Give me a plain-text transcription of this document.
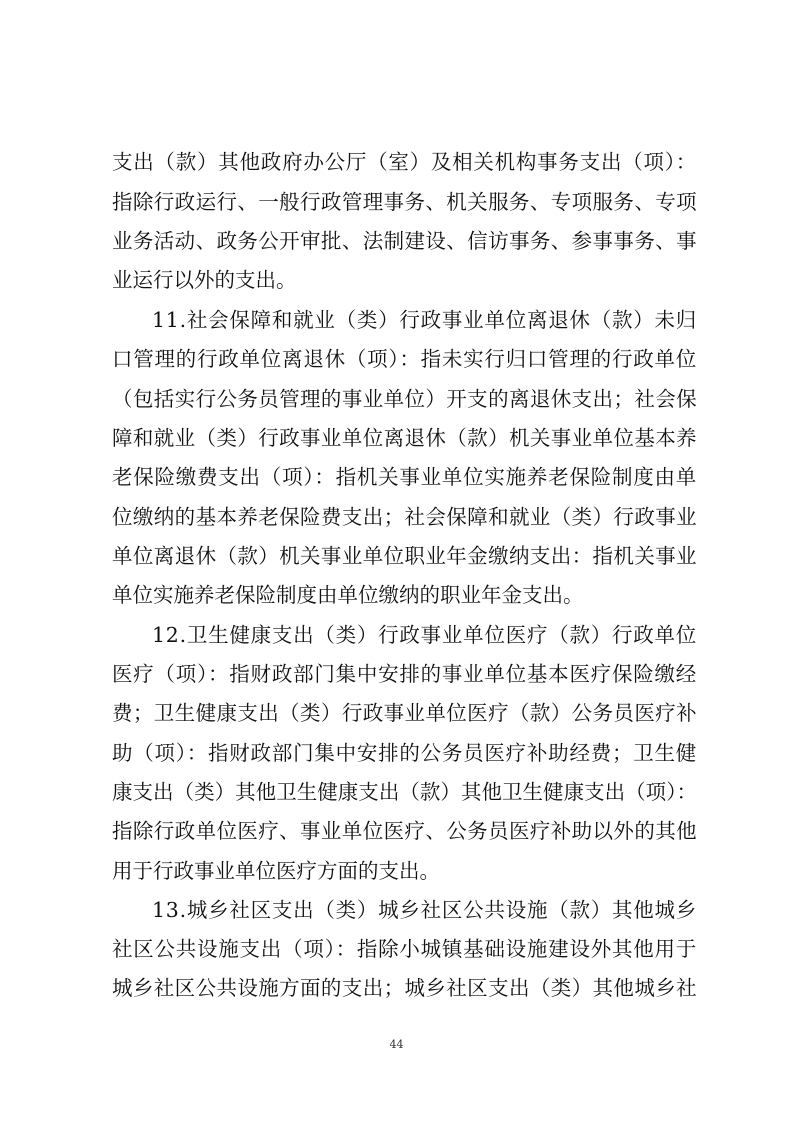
支出（款）其他政府办公厅（室）及相关机构事务支出（项）：
指除行政运行、一般行政管理事务、机关服务、专项服务、专项
业务活动、政务公开审批、法制建设、信访事务、参事事务、事
业运行以外的支出。
11.社会保障和就业（类）行政事业单位离退休（款）未归
口管理的行政单位离退休（项）：指未实行归口管理的行政单位
（包括实行公务员管理的事业单位）开支的离退休支出；社会保
障和就业（类）行政事业单位离退休（款）机关事业单位基本养
老保险缴费支出（项）：指机关事业单位实施养老保险制度由单
位缴纳的基本养老保险费支出；社会保障和就业（类）行政事业
单位离退休（款）机关事业单位职业年金缴纳支出：指机关事业
单位实施养老保险制度由单位缴纳的职业年金支出。
12.卫生健康支出（类）行政事业单位医疗（款）行政单位
医疗（项）：指财政部门集中安排的事业单位基本医疗保险缴经
费；卫生健康支出（类）行政事业单位医疗（款）公务员医疗补
助（项）：指财政部门集中安排的公务员医疗补助经费；卫生健
康支出（类）其他卫生健康支出（款）其他卫生健康支出（项）：
指除行政单位医疗、事业单位医疗、公务员医疗补助以外的其他
用于行政事业单位医疗方面的支出。
13.城乡社区支出（类）城乡社区公共设施（款）其他城乡
社区公共设施支出（项）：指除小城镇基础设施建设外其他用于
城乡社区公共设施方面的支出；城乡社区支出（类）其他城乡社
44
